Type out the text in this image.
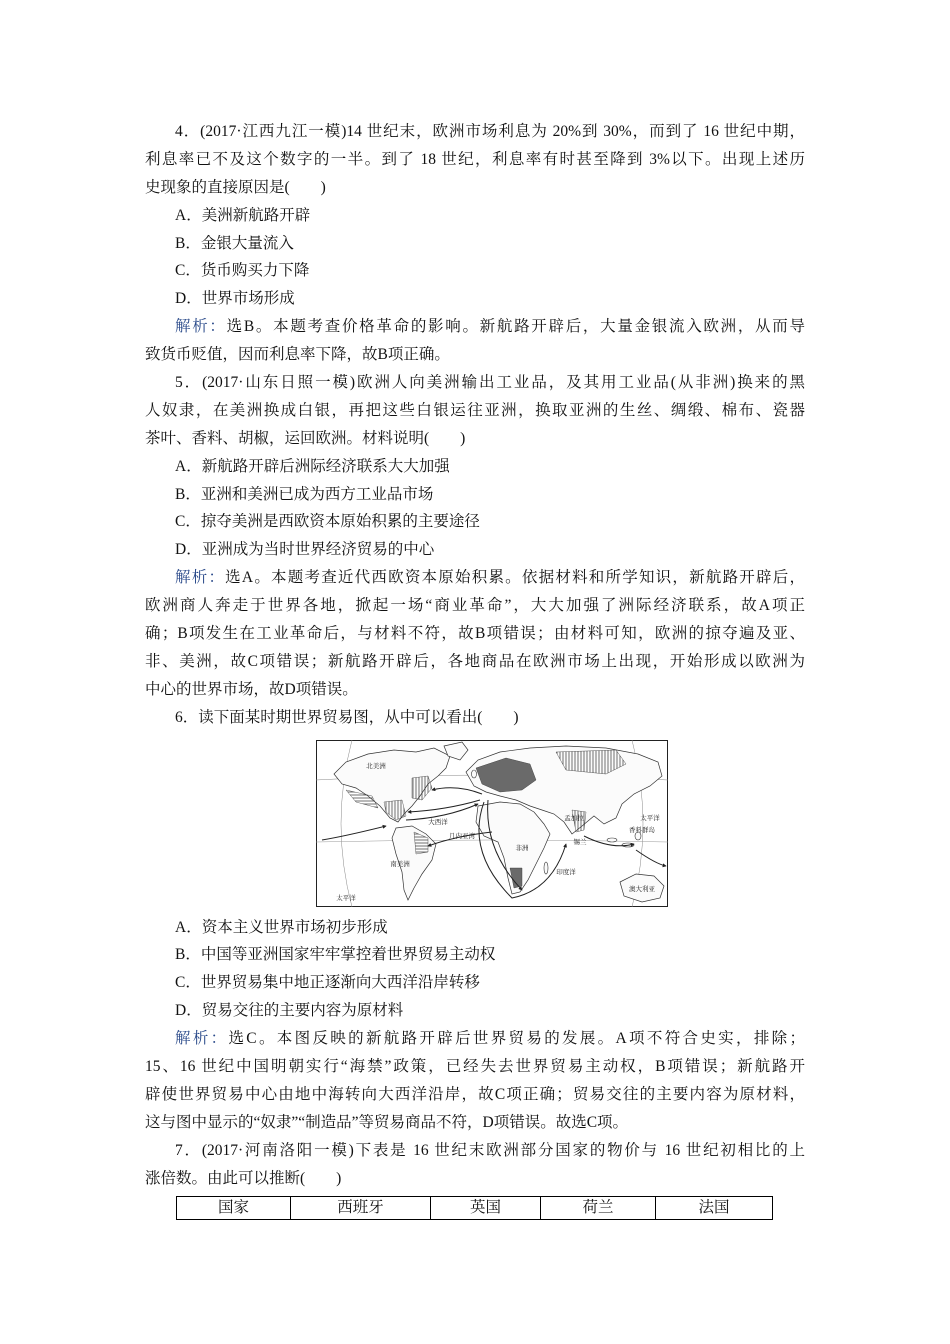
4．(2017·江西九江一模)14 世纪末，欧洲市场利息为 20%到 30%，而到了 16 世纪中期，
利息率已不及这个数字的一半。到了 18 世纪，利息率有时甚至降到 3%以下。出现上述历
史现象的直接原因是(　　)
A．美洲新航路开辟
B．金银大量流入
C．货币购买力下降
D．世界市场形成
解析：选B。本题考查价格革命的影响。新航路开辟后，大量金银流入欧洲，从而导
致货币贬值，因而利息率下降，故B项正确。
5．(2017·山东日照一模)欧洲人向美洲输出工业品，及其用工业品(从非洲)换来的黑
人奴隶，在美洲换成白银，再把这些白银运往亚洲，换取亚洲的生丝、绸缎、棉布、瓷器
茶叶、香料、胡椒，运回欧洲。材料说明(　　)
A．新航路开辟后洲际经济联系大大加强
B．亚洲和美洲已成为西方工业品市场
C．掠夺美洲是西欧资本原始积累的主要途径
D．亚洲成为当时世界经济贸易的中心
解析：选A。本题考查近代西欧资本原始积累。依据材料和所学知识，新航路开辟后，
欧洲商人奔走于世界各地，掀起一场“商业革命”，大大加强了洲际经济联系，故A项正
确；B项发生在工业革命后，与材料不符，故B项错误；由材料可知，欧洲的掠夺遍及亚、
非、美洲，故C项错误；新航路开辟后，各地商品在欧洲市场上出现，开始形成以欧洲为
中心的世界市场，故D项错误。
6．读下面某时期世界贸易图，从中可以看出(　　)
北美洲
大西洋
几内亚湾
非洲
南美洲
太平洋
孟加拉
锡兰
香料群岛
印度洋
澳大利亚
太平洋
A．资本主义世界市场初步形成
B．中国等亚洲国家牢牢掌控着世界贸易主动权
C．世界贸易集中地正逐渐向大西洋沿岸转移
D．贸易交往的主要内容为原材料
解析：选C。本图反映的新航路开辟后世界贸易的发展。A项不符合史实，排除；
15、16 世纪中国明朝实行“海禁”政策，已经失去世界贸易主动权，B项错误；新航路开
辟使世界贸易中心由地中海转向大西洋沿岸，故C项正确；贸易交往的主要内容为原材料，
这与图中显示的“奴隶”“制造品”等贸易商品不符，D项错误。故选C项。
7．(2017·河南洛阳一模)下表是 16 世纪末欧洲部分国家的物价与 16 世纪初相比的上
涨倍数。由此可以推断(　　)
国家	西班牙	英国	荷兰	法国
